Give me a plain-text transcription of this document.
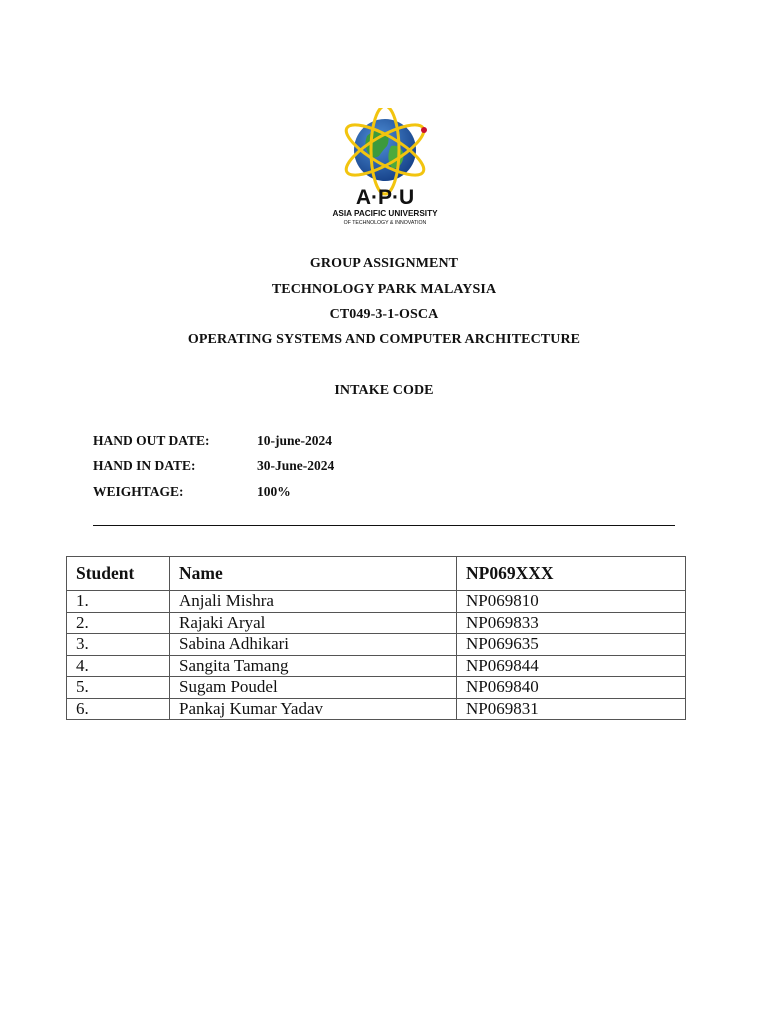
A·P·U
ASIA PACIFIC UNIVERSITY
OF TECHNOLOGY & INNOVATION
GROUP ASSIGNMENT
TECHNOLOGY PARK MALAYSIA
CT049-3-1-OSCA
OPERATING SYSTEMS AND COMPUTER ARCHITECTURE
INTAKE CODE
HAND OUT DATE:	10-june-2024
HAND IN DATE:	30-June-2024
WEIGHTAGE:	100%
Student	Name	NP069XXX
1.	Anjali Mishra	NP069810
2.	Rajaki Aryal	NP069833
3.	Sabina Adhikari	NP069635
4.	Sangita Tamang	NP069844
5.	Sugam Poudel	NP069840
6.	Pankaj Kumar Yadav	NP069831
